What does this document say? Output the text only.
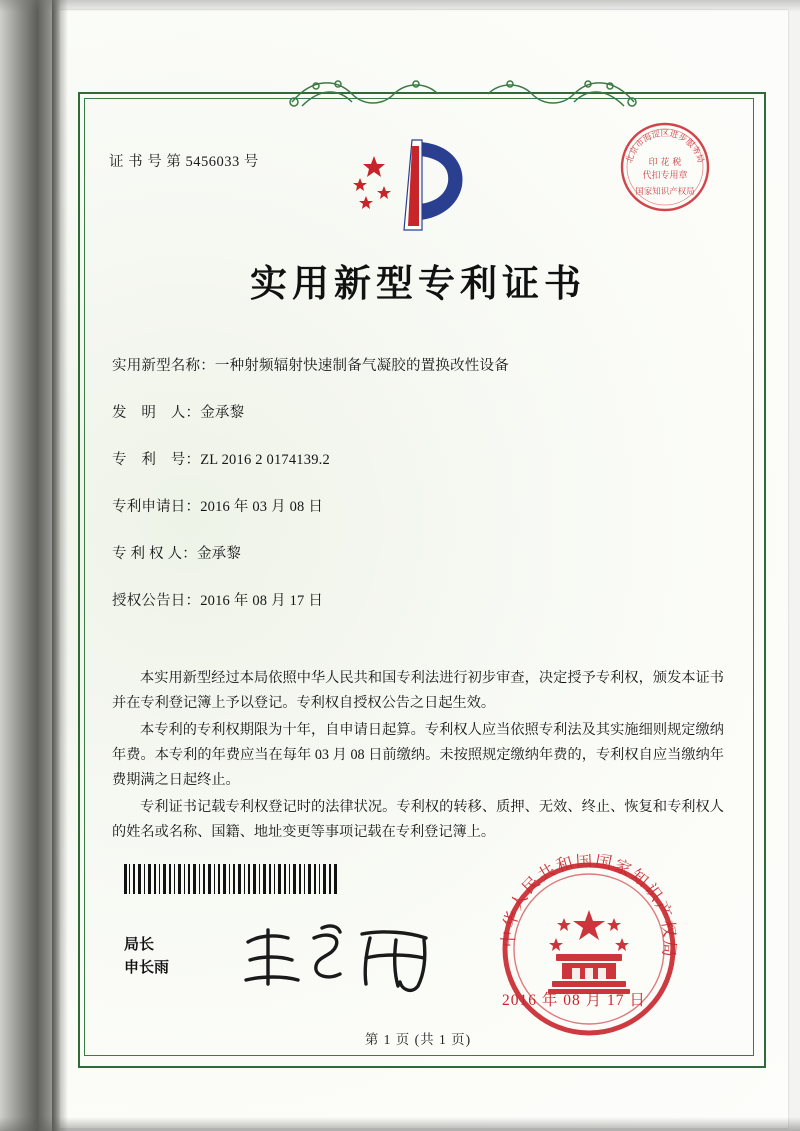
证 书 号 第 5456033 号	北京市海淀区进步服务局
印 花 税
代扣专用章
国家知识产权局
实用新型专利证书
实用新型名称：一种射频辐射快速制备气凝胶的置换改性设备
发　明　人：金承黎
专　利　号：ZL 2016 2 0174139.2
专利申请日：2016 年 03 月 08 日
专 利 权 人：金承黎
授权公告日：2016 年 08 月 17 日

本实用新型经过本局依照中华人民共和国专利法进行初步审查，决定授予专利权，颁发本证书并在专利登记簿上予以登记。专利权自授权公告之日起生效。

本专利的专利权期限为十年，自申请日起算。专利权人应当依照专利法及其实施细则规定缴纳年费。本专利的年费应当在每年 03 月 08 日前缴纳。未按照规定缴纳年费的，专利权自应当缴纳年费期满之日起终止。

专利证书记载专利权登记时的法律状况。专利权的转移、质押、无效、终止、恢复和专利权人的姓名或名称、国籍、地址变更等事项记载在专利登记簿上。

局长
申长雨
中华人民共和国国家知识产权局
2016 年 08 月 17 日
第 1 页 (共 1 页)
